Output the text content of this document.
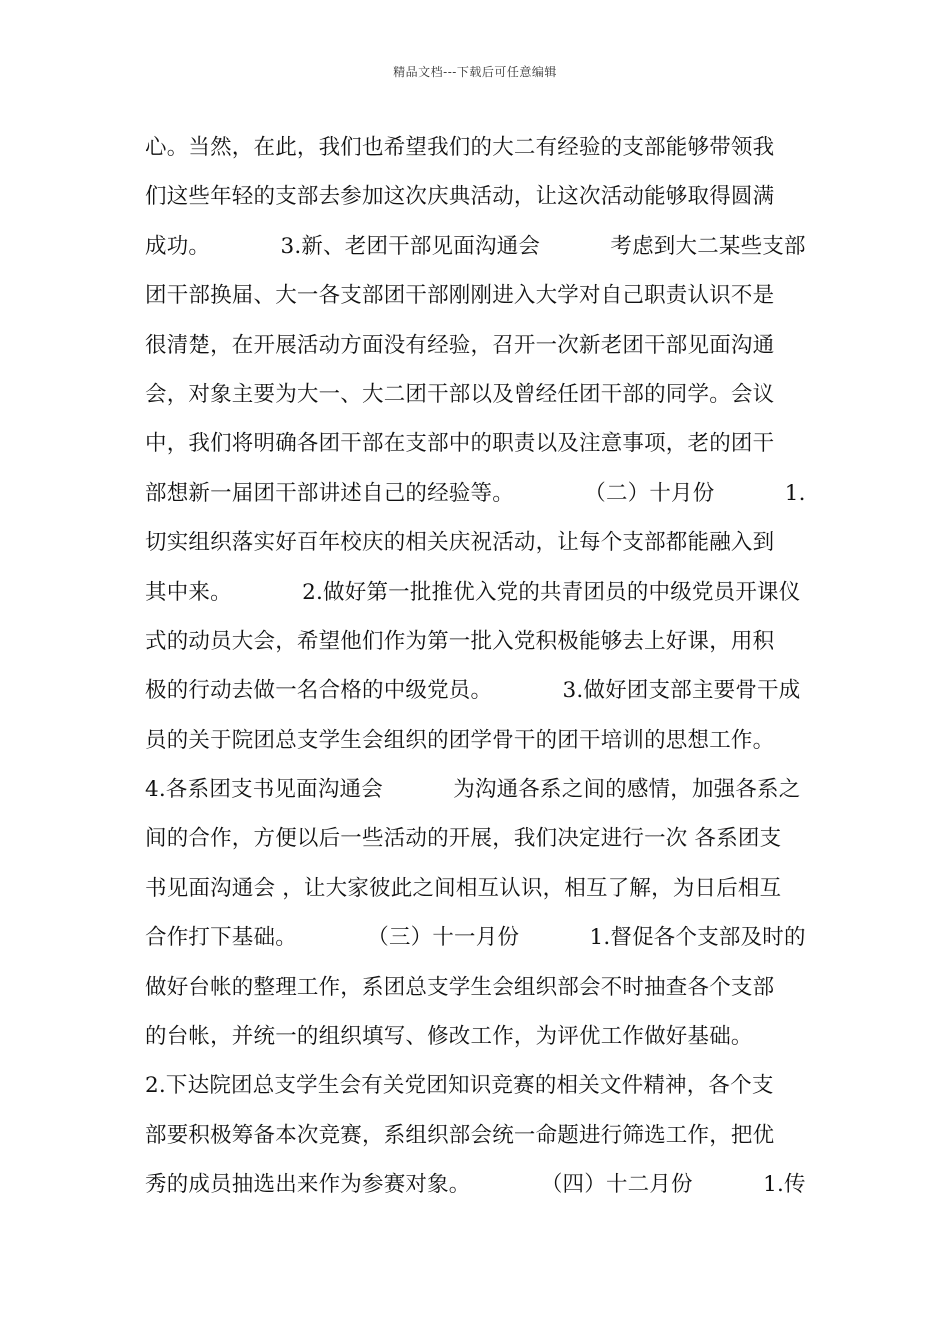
精品文档---下载后可任意编辑
心。当然，在此，我们也希望我们的大二有经验的支部能够带领我
们这些年轻的支部去参加这次庆典活动，让这次活动能够取得圆满
成功。          3.新、老团干部见面沟通会          考虑到大二某些支部
团干部换届、大一各支部团干部刚刚进入大学对自己职责认识不是
很清楚，在开展活动方面没有经验，召开一次新老团干部见面沟通
会，对象主要为大一、大二团干部以及曾经任团干部的同学。会议
中，我们将明确各团干部在支部中的职责以及注意事项，老的团干
部想新一届团干部讲述自己的经验等。          （二）十月份          1.
切实组织落实好百年校庆的相关庆祝活动，让每个支部都能融入到
其中来。          2.做好第一批推优入党的共青团员的中级党员开课仪
式的动员大会，希望他们作为第一批入党积极能够去上好课，用积
极的行动去做一名合格的中级党员。          3.做好团支部主要骨干成
员的关于院团总支学生会组织的团学骨干的团干培训的思想工作。
4.各系团支书见面沟通会          为沟通各系之间的感情，加强各系之
间的合作，方便以后一些活动的开展，我们决定进行一次 各系团支
书见面沟通会 ，让大家彼此之间相互认识，相互了解，为日后相互
合作打下基础。          （三）十一月份          1.督促各个支部及时的
做好台帐的整理工作，系团总支学生会组织部会不时抽查各个支部
的台帐，并统一的组织填写、修改工作，为评优工作做好基础。
2.下达院团总支学生会有关党团知识竞赛的相关文件精神，各个支
部要积极筹备本次竞赛，系组织部会统一命题进行筛选工作，把优
秀的成员抽选出来作为参赛对象。          （四）十二月份          1.传
